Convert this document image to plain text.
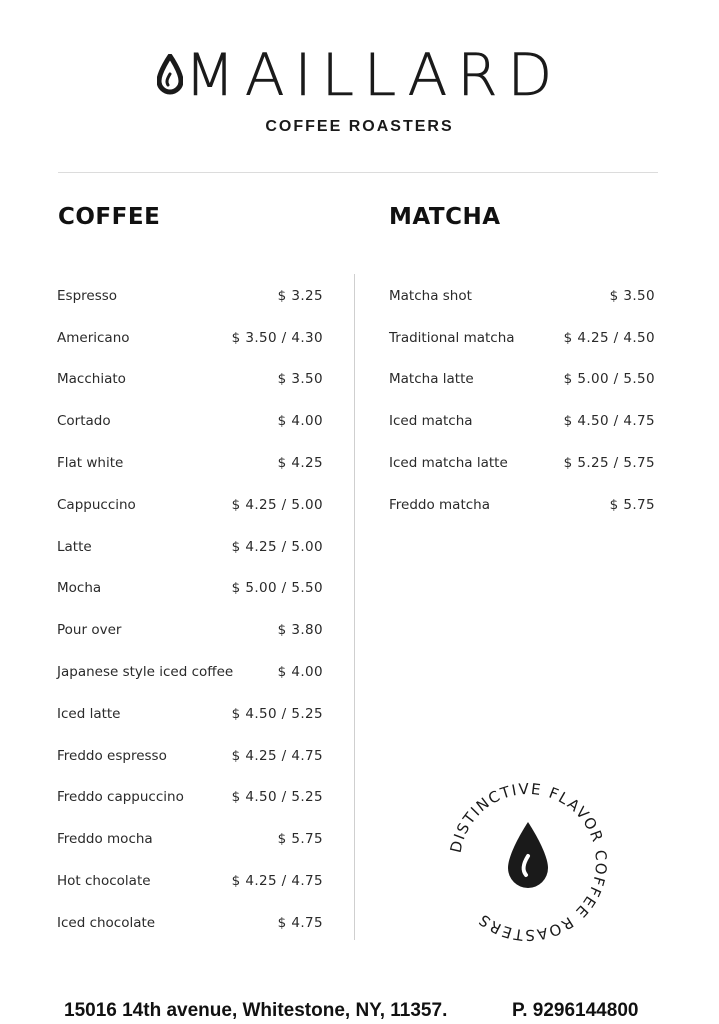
MAILLARD
COFFEE ROASTERS
COFFEE	MATCHA
Espresso	$ 3.25
Americano	$ 3.50 / 4.30
Macchiato	$ 3.50
Cortado	$ 4.00
Flat white	$ 4.25
Cappuccino	$ 4.25 / 5.00
Latte	$ 4.25 / 5.00
Mocha	$ 5.00 / 5.50
Pour over	$ 3.80
Japanese style iced coffee	$ 4.00
Iced latte	$ 4.50 / 5.25
Freddo espresso	$ 4.25 / 4.75
Freddo cappuccino	$ 4.50 / 5.25
Freddo mocha	$ 5.75
Hot chocolate	$ 4.25 / 4.75
Iced chocolate	$ 4.75
Matcha shot	$ 3.50
Traditional matcha	$ 4.25 / 4.50
Matcha latte	$ 5.00 / 5.50
Iced matcha	$ 4.50 / 4.75
Iced matcha latte	$ 5.25 / 5.75
Freddo matcha	$ 5.75
DISTINCTIVE FLAVOR COFFEE ROASTERS
15016 14th avenue, Whitestone, NY, 11357.	P. 9296144800
